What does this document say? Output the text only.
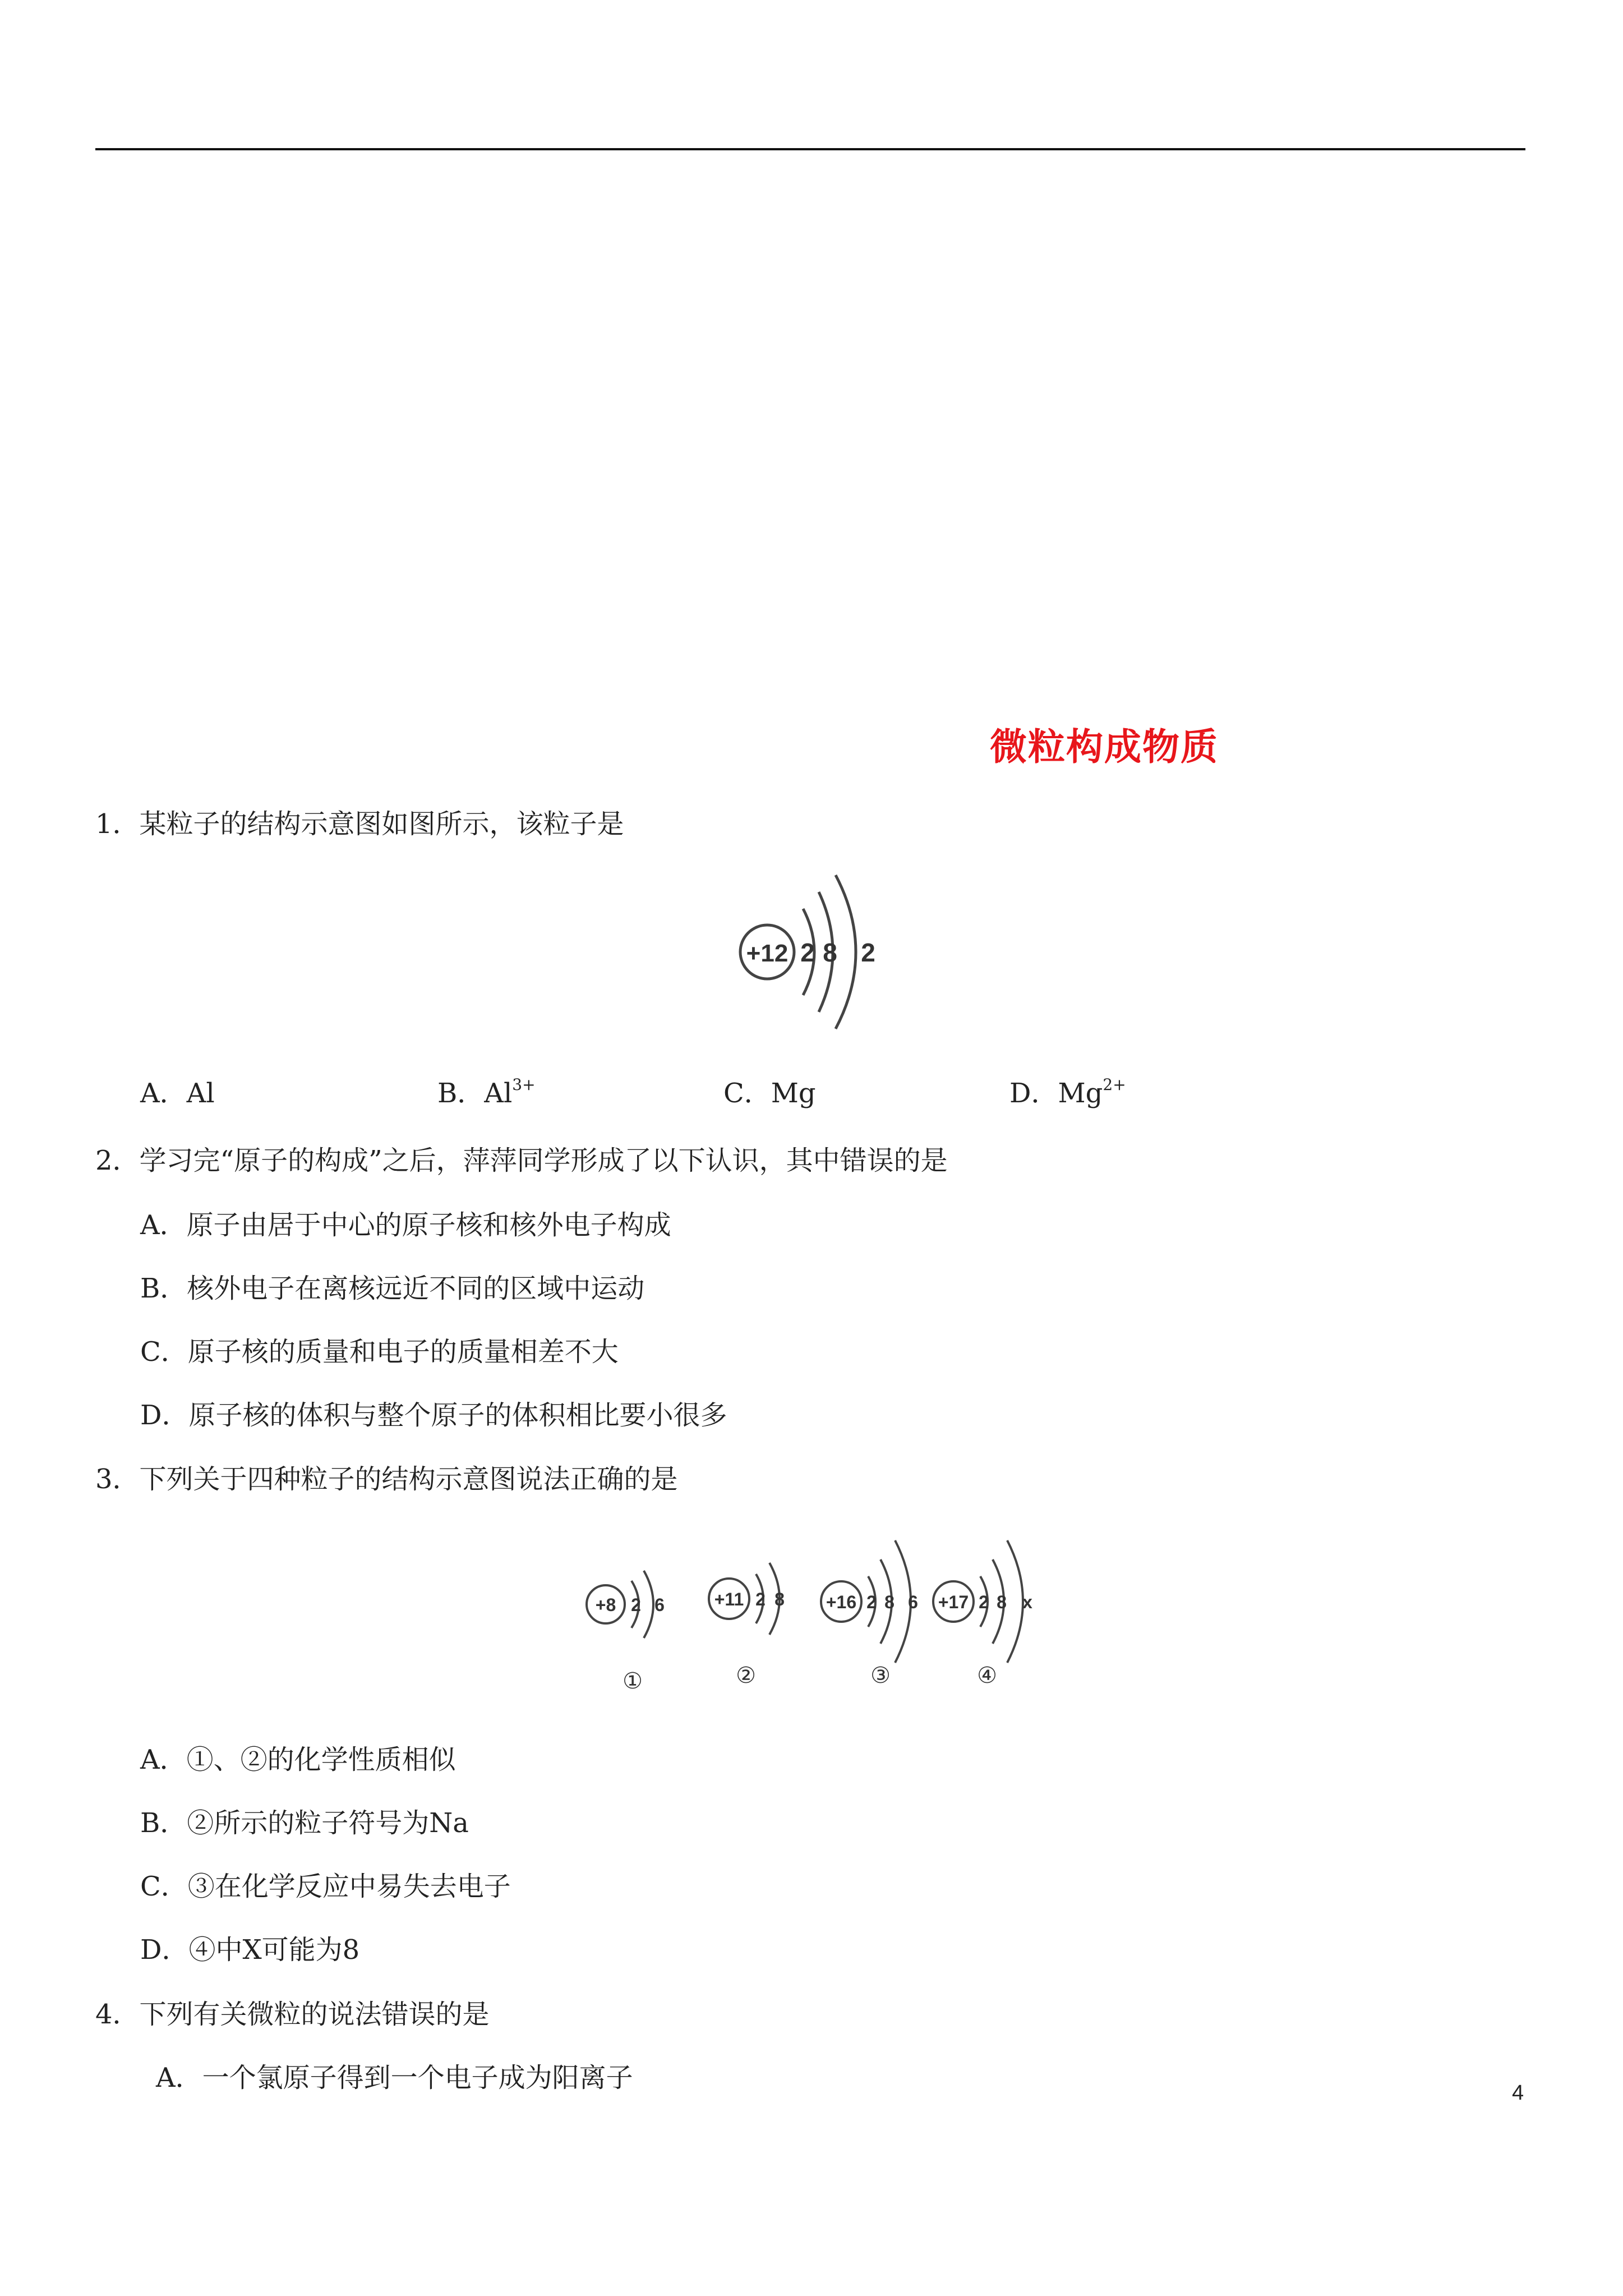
微粒构成物质
1．某粒子的结构示意图如图所示，该粒子是
+12 2 8 2
A．Al	B．$Al^{3+}$	C．Mg	D．$Mg^{2+}$
2．学习完“原子的构成”之后，萍萍同学形成了以下认识，其中错误的是
A．原子由居于中心的原子核和核外电子构成
B．核外电子在离核远近不同的区域中运动
C．原子核的质量和电子的质量相差不大
D．原子核的体积与整个原子的体积相比要小很多
3．下列关于四种粒子的结构示意图说法正确的是
+8 2 6
①
+11 2 8
②
+16 2 8 6
③
+17 2 8 x
④
A．①、②的化学性质相似
B．②所示的粒子符号为Na
C．③在化学反应中易失去电子
D．④中X可能为8
4．下列有关微粒的说法错误的是
A．一个氯原子得到一个电子成为阳离子	4
